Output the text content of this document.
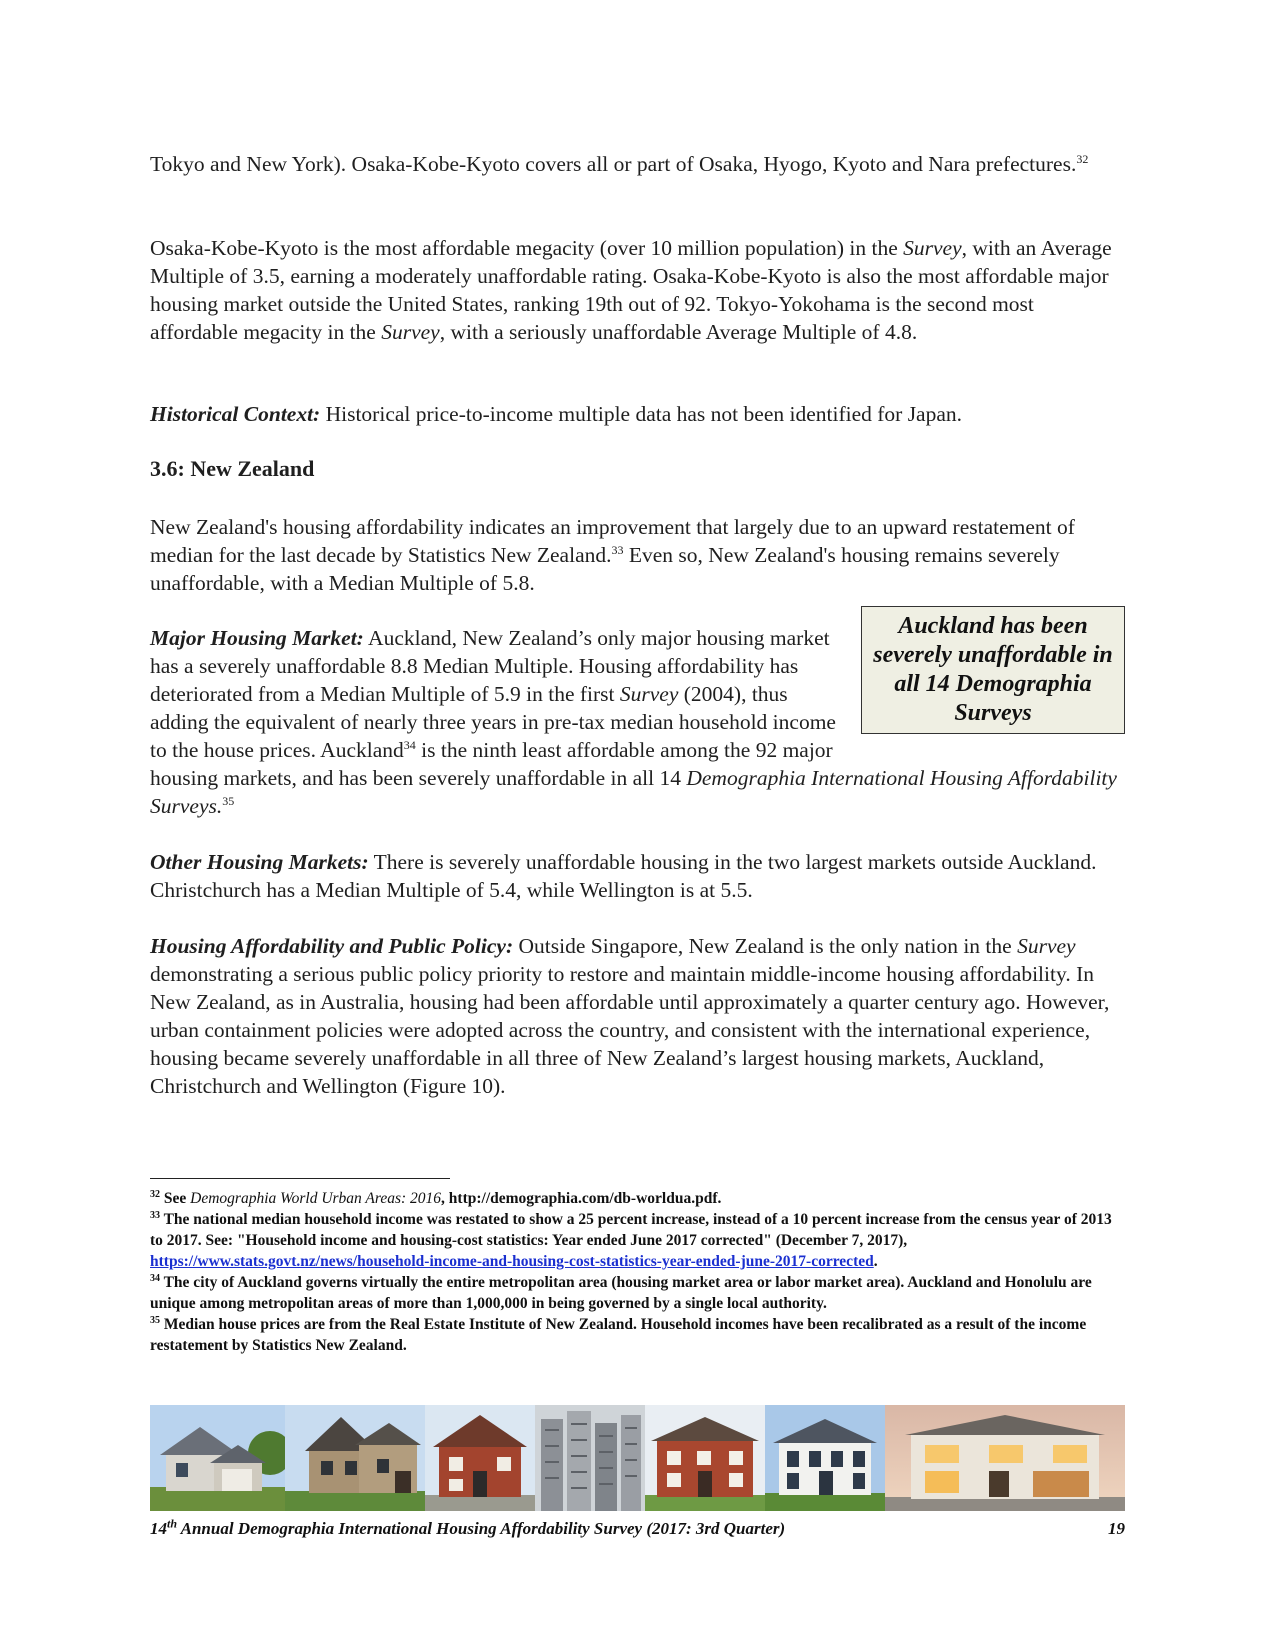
Tokyo and New York). Osaka-Kobe-Kyoto covers all or part of Osaka, Hyogo, Kyoto and Nara prefectures.$^{32}$

Osaka-Kobe-Kyoto is the most affordable megacity (over 10 million population) in the Survey, with an Average Multiple of 3.5, earning a moderately unaffordable rating. Osaka-Kobe-Kyoto is also the most affordable major housing market outside the United States, ranking 19th out of 92. Tokyo-Yokohama is the second most affordable megacity in the Survey, with a seriously unaffordable Average Multiple of 4.8.

Historical Context: Historical price-to-income multiple data has not been identified for Japan.

3.6: New Zealand

New Zealand's housing affordability indicates an improvement that largely due to an upward restatement of median for the last decade by Statistics New Zealand.$^{33}$ Even so, New Zealand's housing remains severely unaffordable, with a Median Multiple of 5.8.

Auckland has been severely unaffordable in all 14 Demographia Surveys
Major Housing Market: Auckland, New Zealand’s only major housing market has a severely unaffordable 8.8 Median Multiple. Housing affordability has deteriorated from a Median Multiple of 5.9 in the first Survey (2004), thus adding the equivalent of nearly three years in pre-tax median household income to the house prices. Auckland$^{34}$ is the ninth least affordable among the 92 major housing markets, and has been severely unaffordable in all 14 Demographia International Housing Affordability Surveys.$^{35}$

Other Housing Markets: There is severely unaffordable housing in the two largest markets outside Auckland. Christchurch has a Median Multiple of 5.4, while Wellington is at 5.5.

Housing Affordability and Public Policy: Outside Singapore, New Zealand is the only nation in the Survey demonstrating a serious public policy priority to restore and maintain middle-income housing affordability. In New Zealand, as in Australia, housing had been affordable until approximately a quarter century ago. However, urban containment policies were adopted across the country, and consistent with the international experience, housing became severely unaffordable in all three of New Zealand’s largest housing markets, Auckland, Christchurch and Wellington (Figure 10).

$^{32}$ See Demographia World Urban Areas: 2016, http://demographia.com/db-worldua.pdf.

$^{33}$ The national median household income was restated to show a 25 percent increase, instead of a 10 percent increase from the census year of 2013 to 2017. See: "Household income and housing-cost statistics: Year ended June 2017 corrected" (December 7, 2017),
https://www.stats.govt.nz/news/household-income-and-housing-cost-statistics-year-ended-june-2017-corrected.

$^{34}$ The city of Auckland governs virtually the entire metropolitan area (housing market area or labor market area). Auckland and Honolulu are unique among metropolitan areas of more than 1,000,000 in being governed by a single local authority.

$^{35}$ Median house prices are from the Real Estate Institute of New Zealand. Household incomes have been recalibrated as a result of the income restatement by Statistics New Zealand.

14th Annual Demographia International Housing Affordability Survey (2017: 3rd Quarter)	19
